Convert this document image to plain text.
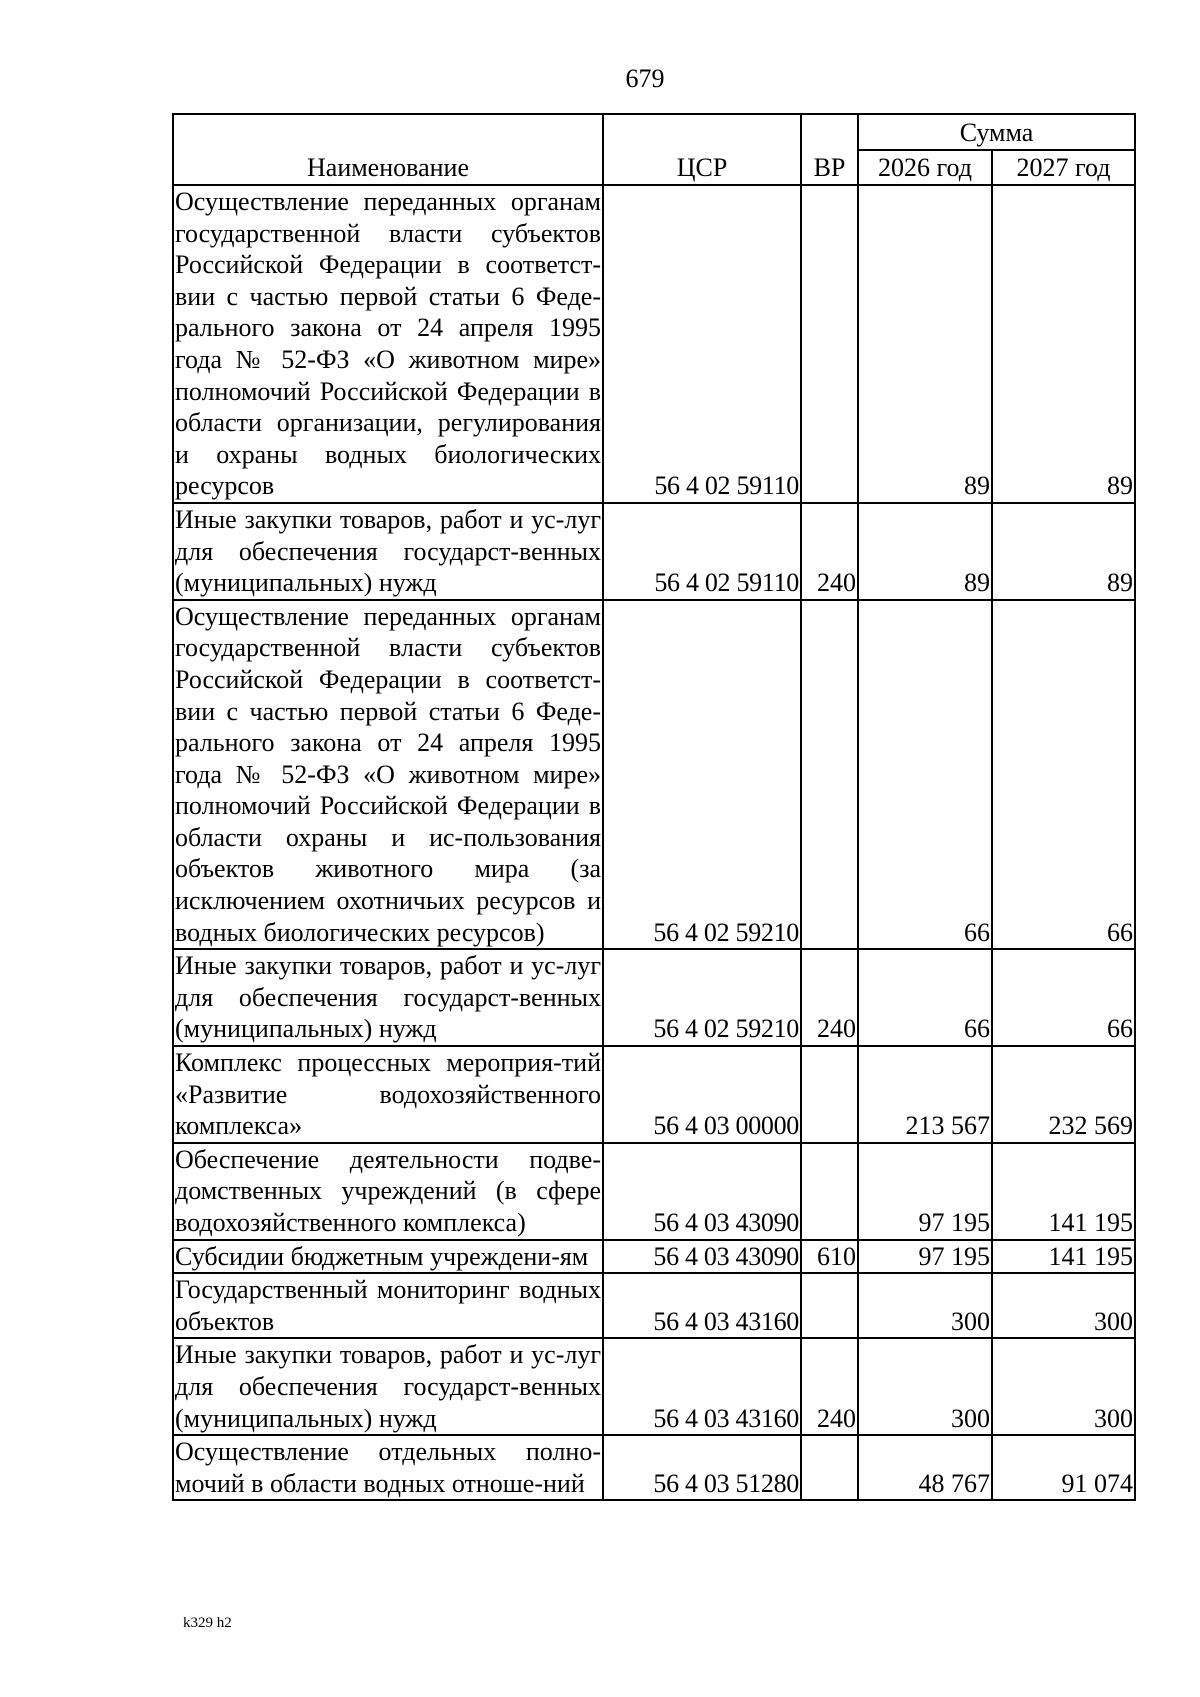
679
Наименование	ЦСР	ВР	Сумма	
			2026 год	2027 год
Осуществление переданных органам государственной власти субъектов Российской Федерации в соответст-вии с частью первой статьи 6 Феде-рального закона от 24 апреля 1995 года № 52-ФЗ «О животном мире» полномочий Российской Федерации в области организации, регулирования и охраны водных биологических ресурсов	56 4 02 59110		89	89
Иные закупки товаров, работ и ус-луг для обеспечения государст-венных (муниципальных) нужд	56 4 02 59110	240	89	89
Осуществление переданных органам государственной власти субъектов Российской Федерации в соответст-вии с частью первой статьи 6 Феде-рального закона от 24 апреля 1995 года № 52-ФЗ «О животном мире» полномочий Российской Федерации в области охраны и ис-пользования объектов животного мира (за исключением охотничьих ресурсов и водных биологических ресурсов)	56 4 02 59210		66	66
Иные закупки товаров, работ и ус-луг для обеспечения государст-венных (муниципальных) нужд	56 4 02 59210	240	66	66
Комплекс процессных мероприя-тий «Развитие водохозяйственного комплекса»	56 4 03 00000		213 567	232 569
Обеспечение деятельности подве-домственных учреждений (в сфере водохозяйственного комплекса)	56 4 03 43090		97 195	141 195
Субсидии бюджетным учреждени-ям	56 4 03 43090	610	97 195	141 195
Государственный мониторинг водных объектов	56 4 03 43160		300	300
Иные закупки товаров, работ и ус-луг для обеспечения государст-венных (муниципальных) нужд	56 4 03 43160	240	300	300
Осуществление отдельных полно-мочий в области водных отноше-ний	56 4 03 51280		48 767	91 074
k329 h2
